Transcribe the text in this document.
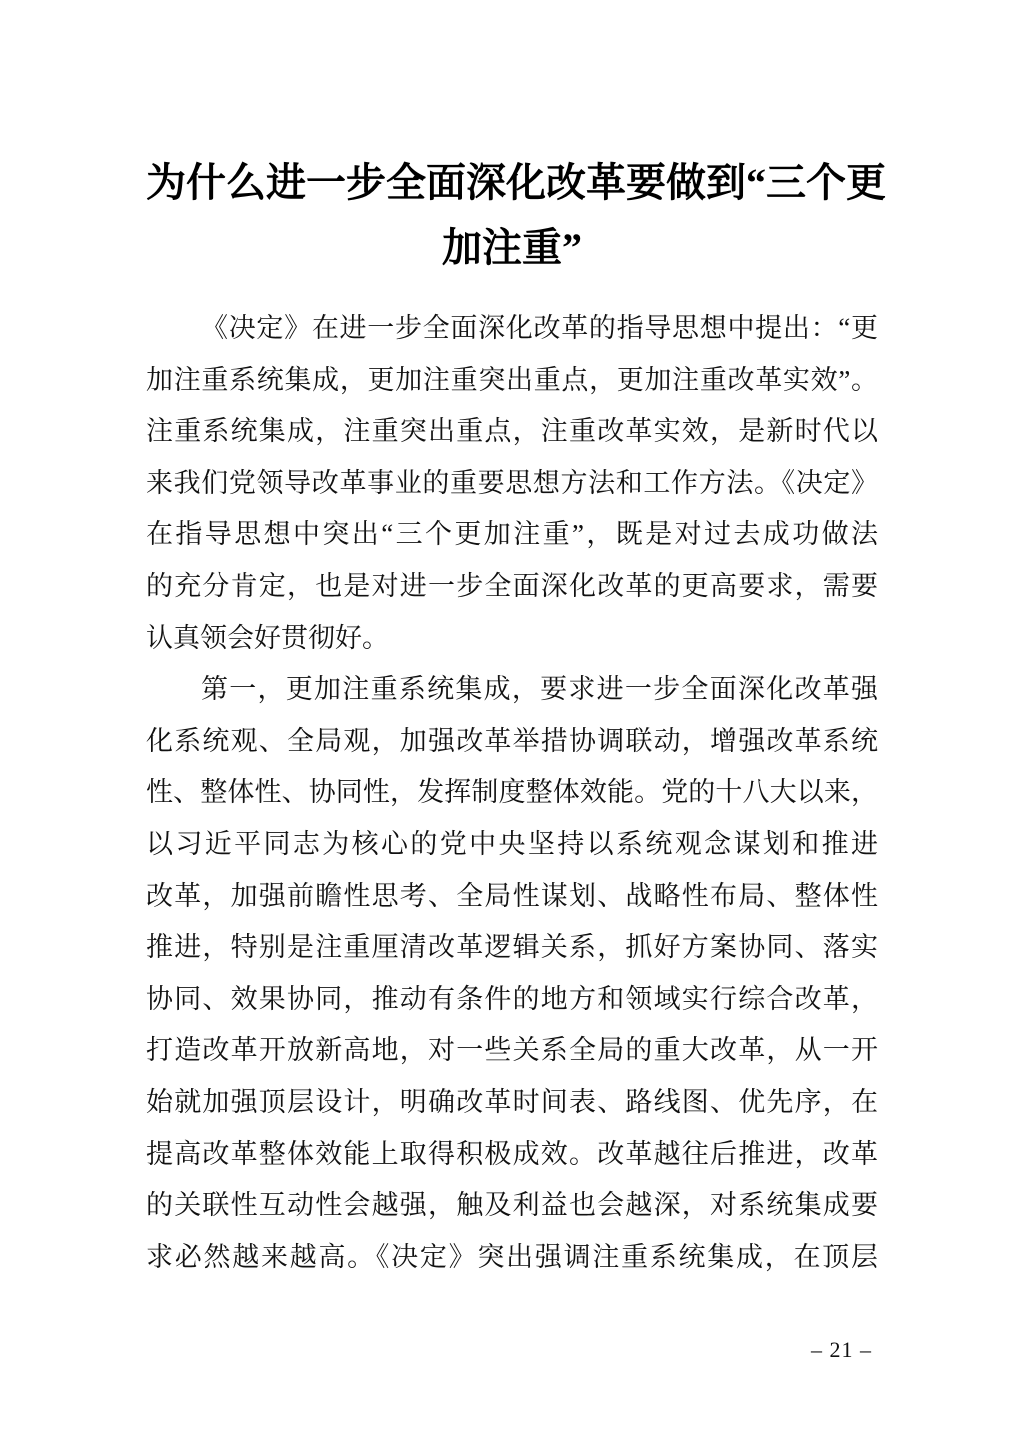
为什么进一步全面深化改革要做到“三个更
加注重”
《决定》在进一步全面深化改革的指导思想中提出：“更
加注重系统集成，更加注重突出重点，更加注重改革实效”。
注重系统集成，注重突出重点，注重改革实效，是新时代以
来我们党领导改革事业的重要思想方法和工作方法。《决定》
在指导思想中突出“三个更加注重”，既是对过去成功做法
的充分肯定，也是对进一步全面深化改革的更高要求，需要
认真领会好贯彻好。
第一，更加注重系统集成，要求进一步全面深化改革强
化系统观、全局观，加强改革举措协调联动，增强改革系统
性、整体性、协同性，发挥制度整体效能。党的十八大以来，
以习近平同志为核心的党中央坚持以系统观念谋划和推进
改革，加强前瞻性思考、全局性谋划、战略性布局、整体性
推进，特别是注重厘清改革逻辑关系，抓好方案协同、落实
协同、效果协同，推动有条件的地方和领域实行综合改革，
打造改革开放新高地，对一些关系全局的重大改革，从一开
始就加强顶层设计，明确改革时间表、路线图、优先序，在
提高改革整体效能上取得积极成效。改革越往后推进，改革
的关联性互动性会越强，触及利益也会越深，对系统集成要
求必然越来越高。《决定》突出强调注重系统集成，在顶层
– 21 –
